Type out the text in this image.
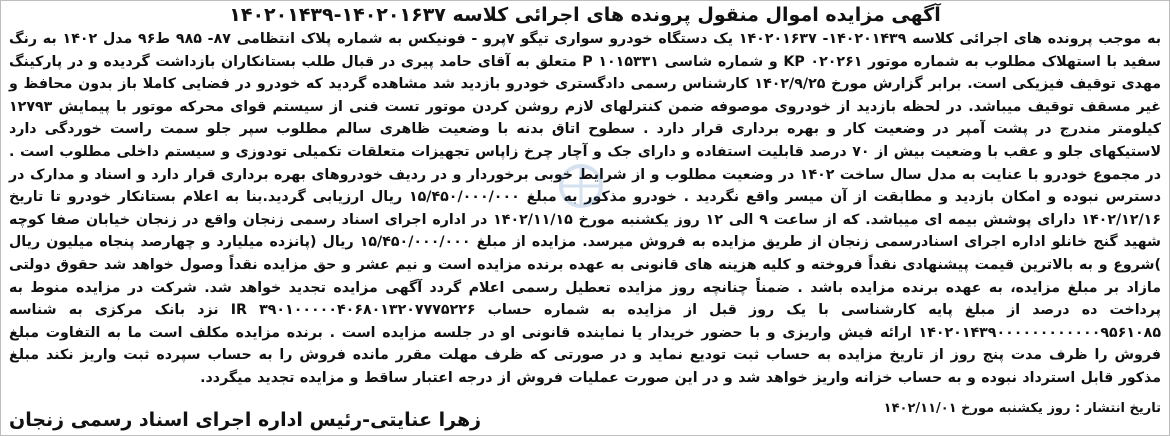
آگهی مزایده اموال منقول پرونده های اجرائی کلاسه ۱۴۰۲۰۱۶۳۷-۱۴۰۲۰۱۴۳۹
به موجب پرونده های اجرائی کلاسه ۱۴۰۲۰۱۴۳۹- ۱۴۰۲۰۱۶۳۷ یک دستگاه خودرو سواری تیگو ۷پرو - فونیکس به شماره پلاک انتظامی ۸۷- ۹۸۵ ط۹۶ مدل ۱۴۰۲ به رنگ سفید با استهلاک مطلوب به شماره موتور KP ۰۲۰۲۶۱ و شماره شاسی P ۱۰۱۵۳۳۱ متعلق به آقای حامد پیری در قبال طلب بستانکاران بازداشت گردیده و در پارکینگ مهدی توقیف فیزیکی است. برابر گزارش مورخ ۱۴۰۲/۹/۲۵ کارشناس رسمی دادگستری خودرو بازدید شد مشاهده گردید که خودرو در فضایی کاملا باز بدون محافظ و غیر مسقف توقیف میباشد. در لحظه بازدید از خودروی موصوفه ضمن کنترلهای لازم روشن کردن موتور تست فنی از سیستم قوای محرکه موتور با پیمایش ۱۲۷۹۳ کیلومتر مندرج در پشت آمپر در وضعیت کار و بهره برداری قرار دارد . سطوح اتاق بدنه با وضعیت ظاهری سالم مطلوب سپر جلو سمت راست خوردگی دارد لاستیکهای جلو و عقب با وضعیت بیش از ۷۰ درصد قابلیت استفاده و دارای جک و آچار چرخ زاپاس تجهیزات متعلقات تکمیلی تودوزی و سیستم داخلی مطلوب است . در مجموع خودرو با عنایت به مدل سال ساخت ۱۴۰۲ در وضعیت مطلوب و از شرایط خوبی برخوردار و در ردیف خودروهای بهره برداری قرار دارد و اسناد و مدارک در دسترس نبوده و امکان بازدید و مطابقت از آن میسر واقع نگردید . خودرو مذکور به مبلغ ۱۵/۴۵۰/۰۰۰/۰۰۰ ریال ارزیابی گردید.بنا به اعلام بستانکار خودرو تا تاریخ ۱۴۰۲/۱۲/۱۶ دارای پوشش بیمه ای میباشد. که از ساعت ۹ الی ۱۲ روز یکشنبه مورخ ۱۴۰۲/۱۱/۱۵ در اداره اجرای اسناد رسمی زنجان واقع در زنجان خیابان صفا کوچه شهید گنج خانلو اداره اجرای اسنادرسمی زنجان از طریق مزایده به فروش میرسد. مزایده از مبلغ ۱۵/۴۵۰/۰۰۰/۰۰۰ ریال (پانزده میلیارد و چهارصد پنجاه میلیون ریال )شروع و به بالاترین قیمت پیشنهادی نقداً فروخته و کلیه هزینه های قانونی به عهده برنده مزایده است و نیم عشر و حق مزایده نقداً وصول خواهد شد حقوق دولتی مازاد بر مبلغ مزایده، به عهده برنده مزایده باشد . ضمناً چنانچه روز مزایده تعطیل رسمی اعلام گردد آگهی مزایده تجدید خواهد شد. شرکت در مزایده منوط به پرداخت ده درصد از مبلغ پایه کارشناسی با یک روز قبل از مزایده به شماره حساب IR ۳۹۰۱۰۰۰۰۰۴۰۶۸۰۱۳۲۰۷۷۷۵۲۲۶ نزد بانک مرکزی به شناسه ۱۴۰۲۰۱۴۳۹۰۰۰۰۰۰۰۰۰۰۰۰۹۵۶۱۰۸۵ ارائه فیش واریزی و با حضور خریدار یا نماینده قانونی او در جلسه مزایده است . برنده مزایده مکلف است ما به التفاوت مبلغ فروش را ظرف مدت پنج روز از تاریخ مزایده به حساب ثبت تودیع نماید و در صورتی که ظرف مهلت مقرر مانده فروش را به حساب سپرده ثبت واریز نکند مبلغ مذکور قابل استرداد نبوده و به حساب خزانه واریز خواهد شد و در این صورت عملیات فروش از درجه اعتبار ساقط و مزایده تجدید میگردد.
تاریخ انتشار : روز یکشنبه مورخ ۱۴۰۲/۱۱/۰۱
زهرا عنایتی-رئیس اداره اجرای اسناد رسمی زنجان
